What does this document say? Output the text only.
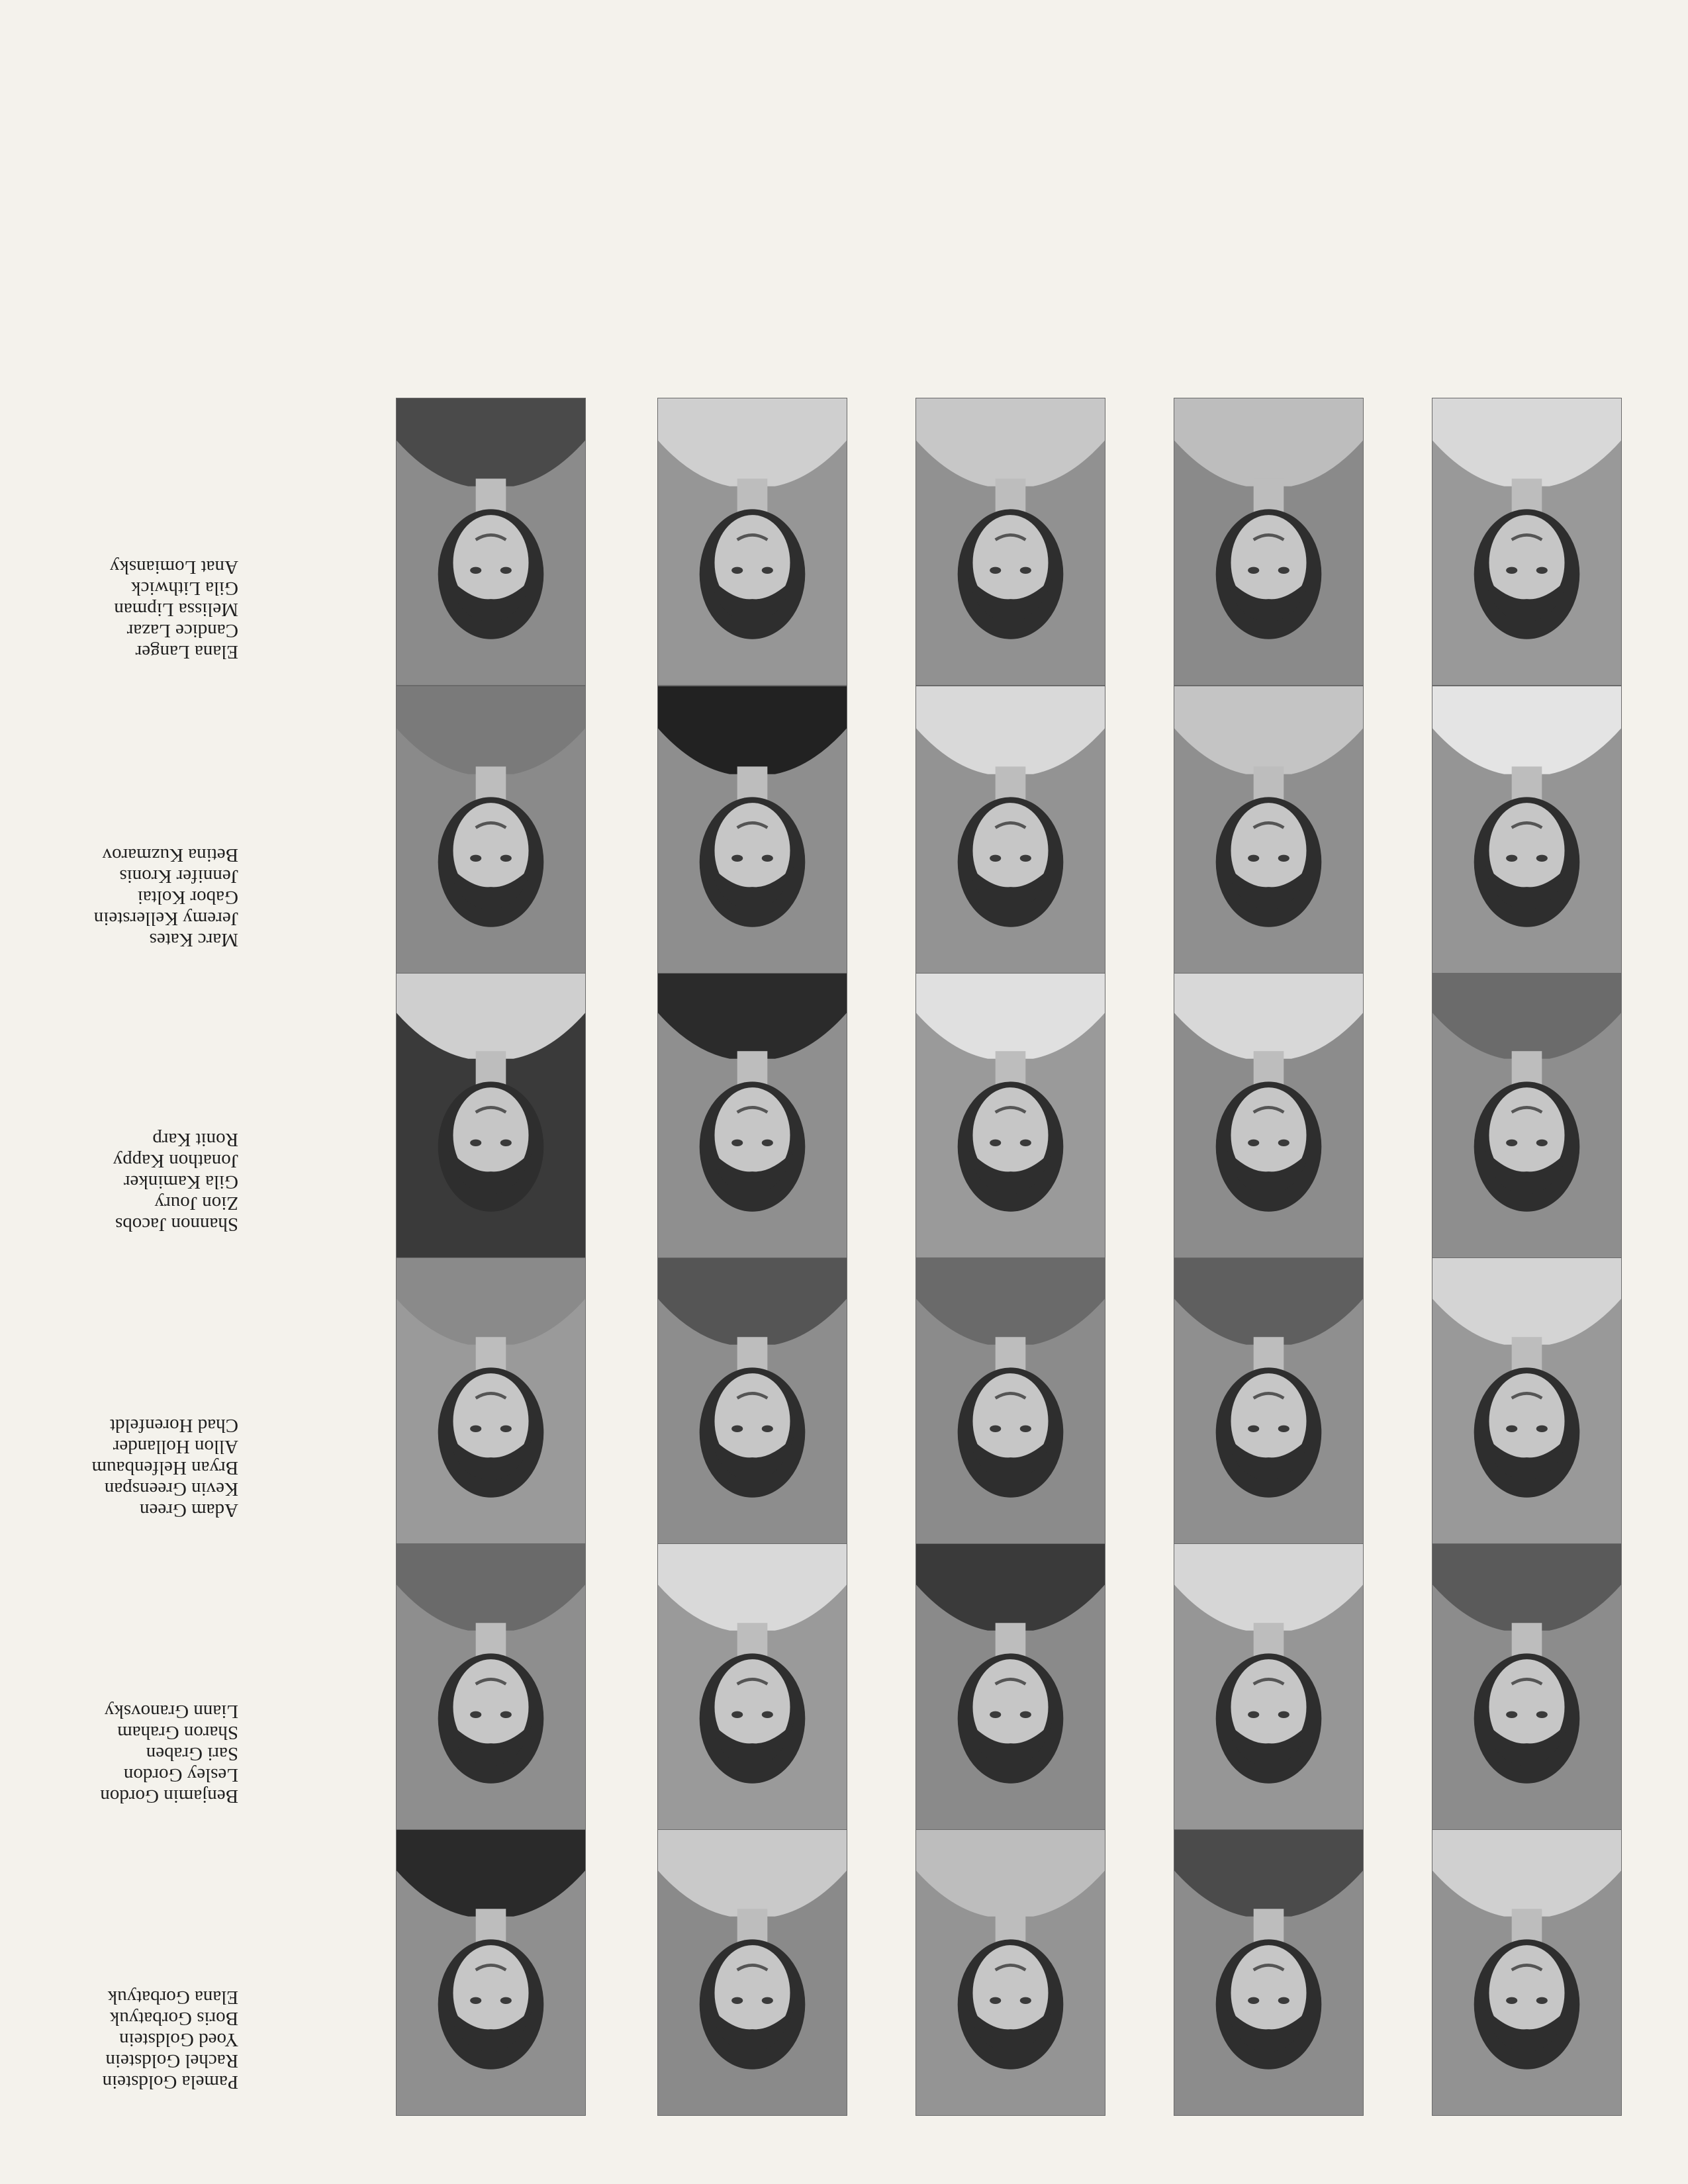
Pamela Goldstein
Rachel Goldstein
Yoed Goldstein
Boris Gorbatyuk
Elana Gorbatyuk
Benjamin Gordon
Lesley Gordon
Sari Graben
Sharon Graham
Liann Granovsky
Adam Green
Kevin Greenspan
Bryan Helfenbaum
Allon Hollander
Chad Horenfeldt
Shannon Jacobs
Zion Joury
Gila Kaminker
Jonathon Kappy
Ronit Karp
Marc Kates
Jeremy Kellerstein
Gabor Koltai
Jennifer Kronis
Betina Kuzmarov
Elana Langer
Candice Lazar
Melissa Lipman
Gila Lithwick
Anat Lomiansky
